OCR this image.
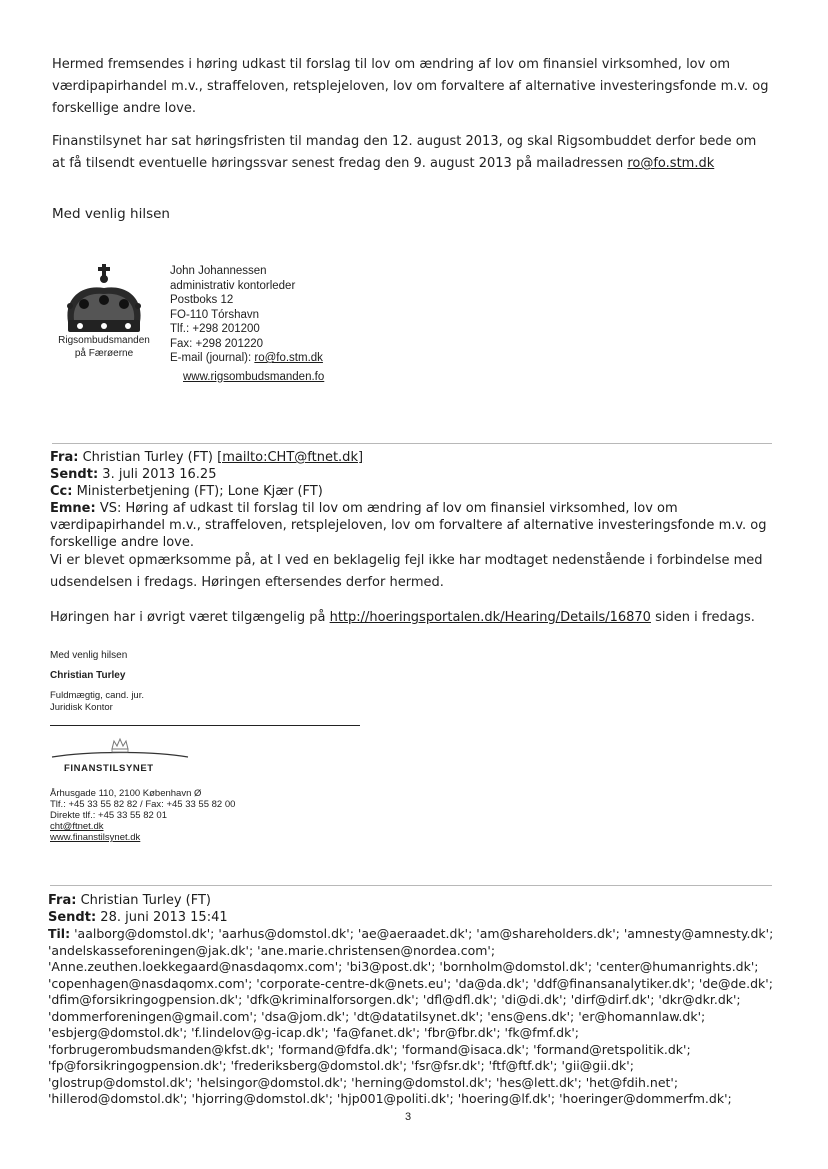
Hermed fremsendes i høring udkast til forslag til lov om ændring af lov om finansiel virksomhed, lov om værdipapirhandel m.v., straffeloven, retsplejeloven, lov om forvaltere af alternative investeringsfonde m.v. og forskellige andre love.
Finanstilsynet har sat høringsfristen til mandag den 12. august 2013, og skal Rigsombuddet derfor bede om at få tilsendt eventuelle høringssvar senest fredag den 9. august 2013 på mailadressen ro@fo.stm.dk
Med venlig hilsen
Rigsombudsmanden
på Færøerne
John Johannessen
administrativ kontorleder
Postboks 12
FO-110 Tórshavn
Tlf.: +298 201200
Fax: +298 201220
E-mail (journal): ro@fo.stm.dk
www.rigsombudsmanden.fo
Fra: Christian Turley (FT) [mailto:CHT@ftnet.dk]
Sendt: 3. juli 2013 16.25
Cc: Ministerbetjening (FT); Lone Kjær (FT)
Emne: VS: Høring af udkast til forslag til lov om ændring af lov om finansiel virksomhed, lov om værdipapirhandel m.v., straffeloven, retsplejeloven, lov om forvaltere af alternative investeringsfonde m.v. og forskellige andre love.
Vi er blevet opmærksomme på, at I ved en beklagelig fejl ikke har modtaget nedenstående i forbindelse med udsendelsen i fredags. Høringen eftersendes derfor hermed.
Høringen har i øvrigt været tilgængelig på http://hoeringsportalen.dk/Hearing/Details/16870 siden i fredags.
Med venlig hilsen
Christian Turley
Fuldmægtig, cand. jur.
Juridisk Kontor
FINANSTILSYNET
Århusgade 110, 2100 København Ø
Tlf.: +45 33 55 82 82 / Fax: +45 33 55 82 00
Direkte tlf.: +45 33 55 82 01
cht@ftnet.dk
www.finanstilsynet.dk
Fra: Christian Turley (FT)
Sendt: 28. juni 2013 15:41
Til: 'aalborg@domstol.dk'; 'aarhus@domstol.dk'; 'ae@aeraadet.dk'; 'am@shareholders.dk'; 'amnesty@amnesty.dk'; 'andelskasseforeningen@jak.dk'; 'ane.marie.christensen@nordea.com'; 'Anne.zeuthen.loekkegaard@nasdaqomx.com'; 'bi3@post.dk'; 'bornholm@domstol.dk'; 'center@humanrights.dk'; 'copenhagen@nasdaqomx.com'; 'corporate-centre-dk@nets.eu'; 'da@da.dk'; 'ddf@finansanalytiker.dk'; 'de@de.dk'; 'dfim@forsikringogpension.dk'; 'dfk@kriminalforsorgen.dk'; 'dfl@dfl.dk'; 'di@di.dk'; 'dirf@dirf.dk'; 'dkr@dkr.dk'; 'dommerforeningen@gmail.com'; 'dsa@jom.dk'; 'dt@datatilsynet.dk'; 'ens@ens.dk'; 'er@homannlaw.dk'; 'esbjerg@domstol.dk'; 'f.lindelov@g-icap.dk'; 'fa@fanet.dk'; 'fbr@fbr.dk'; 'fk@fmf.dk'; 'forbrugerombudsmanden@kfst.dk'; 'formand@fdfa.dk'; 'formand@isaca.dk'; 'formand@retspolitik.dk'; 'fp@forsikringogpension.dk'; 'frederiksberg@domstol.dk'; 'fsr@fsr.dk'; 'ftf@ftf.dk'; 'gii@gii.dk'; 'glostrup@domstol.dk'; 'helsingor@domstol.dk'; 'herning@domstol.dk'; 'hes@lett.dk'; 'het@fdih.net'; 'hillerod@domstol.dk'; 'hjorring@domstol.dk'; 'hjp001@politi.dk'; 'hoering@lf.dk'; 'hoeringer@dommerfm.dk';
3
